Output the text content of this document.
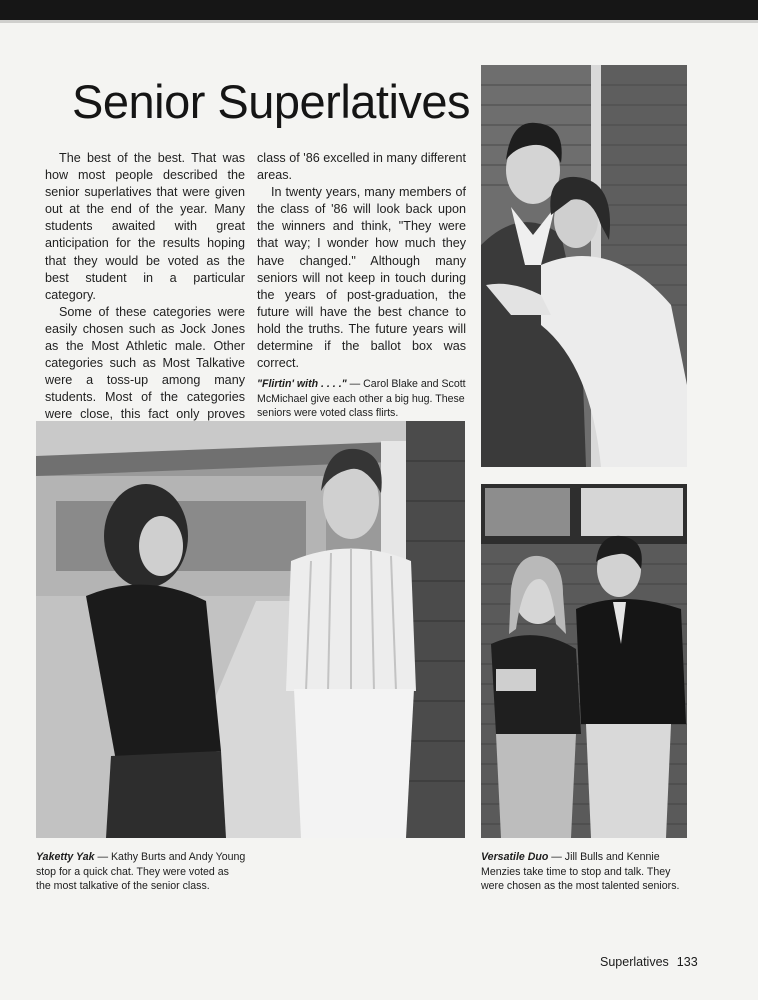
Senior Superlatives

The best of the best. That was how most people described the senior superlatives that were given out at the end of the year. Many students awaited with great anticipation for the results hoping that they would be voted as the best student in a particular category.

Some of these categories were easily chosen such as Jock Jones as the Most Athletic male. Other categories such as Most Talkative were a toss-up among many students. Most of the categories were close, this fact only proves

class of '86 excelled in many different areas.

In twenty years, many members of the class of '86 will look back upon the winners and think, "They were that way; I wonder how much they have changed." Although many seniors will not keep in touch during the years of post-graduation, the future will have the best chance to hold the truths. The future years will determine if the ballot box was correct.

"Flirtin' with . . . ." — Carol Blake and Scott McMichael give each other a big hug. These seniors were voted class flirts.
Yaketty Yak — Kathy Burts and Andy Young stop for a quick chat. They were voted as the most talkative of the senior class.
Versatile Duo — Jill Bulls and Kennie Menzies take time to stop and talk. They were chosen as the most talented seniors.
Superlatives 133
